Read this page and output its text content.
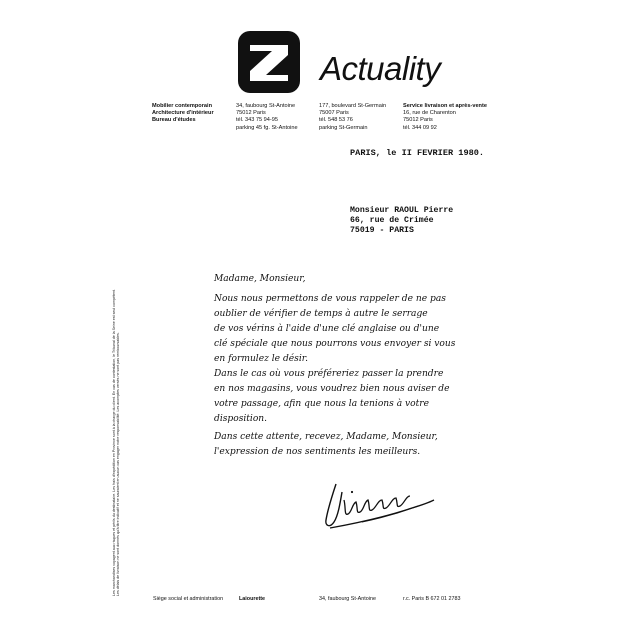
Actuality
Mobilier contemporain
Architecture d'intérieur
Bureau d'études
34, faubourg St-Antoine
75012 Paris
tél. 343 75 94-95
parking 45 fg. St-Antoine
177, boulevard St-Germain
75007 Paris
tél. 548 53 76
parking St-Germain
Service livraison et après-vente
16, rue de Charenton
75012 Paris
tél. 344 09 92
PARIS, le II FEVRIER 1980.
Monsieur RAOUL Pierre
66, rue de Crimée
75019 - PARIS
Madame, Monsieur,
Nous nous permettons de vous rappeler de ne pas
oublier de vérifier de temps à autre le serrage
de vos vérins à l'aide d'une clé anglaise ou d'une
clé spéciale que nous pourrons vous envoyer si vous
en formulez le désir.
Dans le cas où vous préféreriez passer la prendre
en nos magasins, vous voudrez bien nous aviser de
votre passage, afin que nous la tenions à votre
disposition.
Dans cette attente, recevez, Madame, Monsieur,
l'expression de nos sentiments les meilleurs.
Les marchandises voyagent aux risques et périls du destinataire. Les frais d'expédition en Province sont à la charge du client. En cas de contestation, le Tribunal de la Seine est seul compétent. Les délais de livraison ne sont donnés qu'à titre indicatif et ne sauraient en aucun cas engager notre responsabilité. Les acomptes versés ne sont pas remboursables.
Siège social et administration	Laiourette	34, faubourg St-Antoine	r.c. Paris B 672 01 2783
